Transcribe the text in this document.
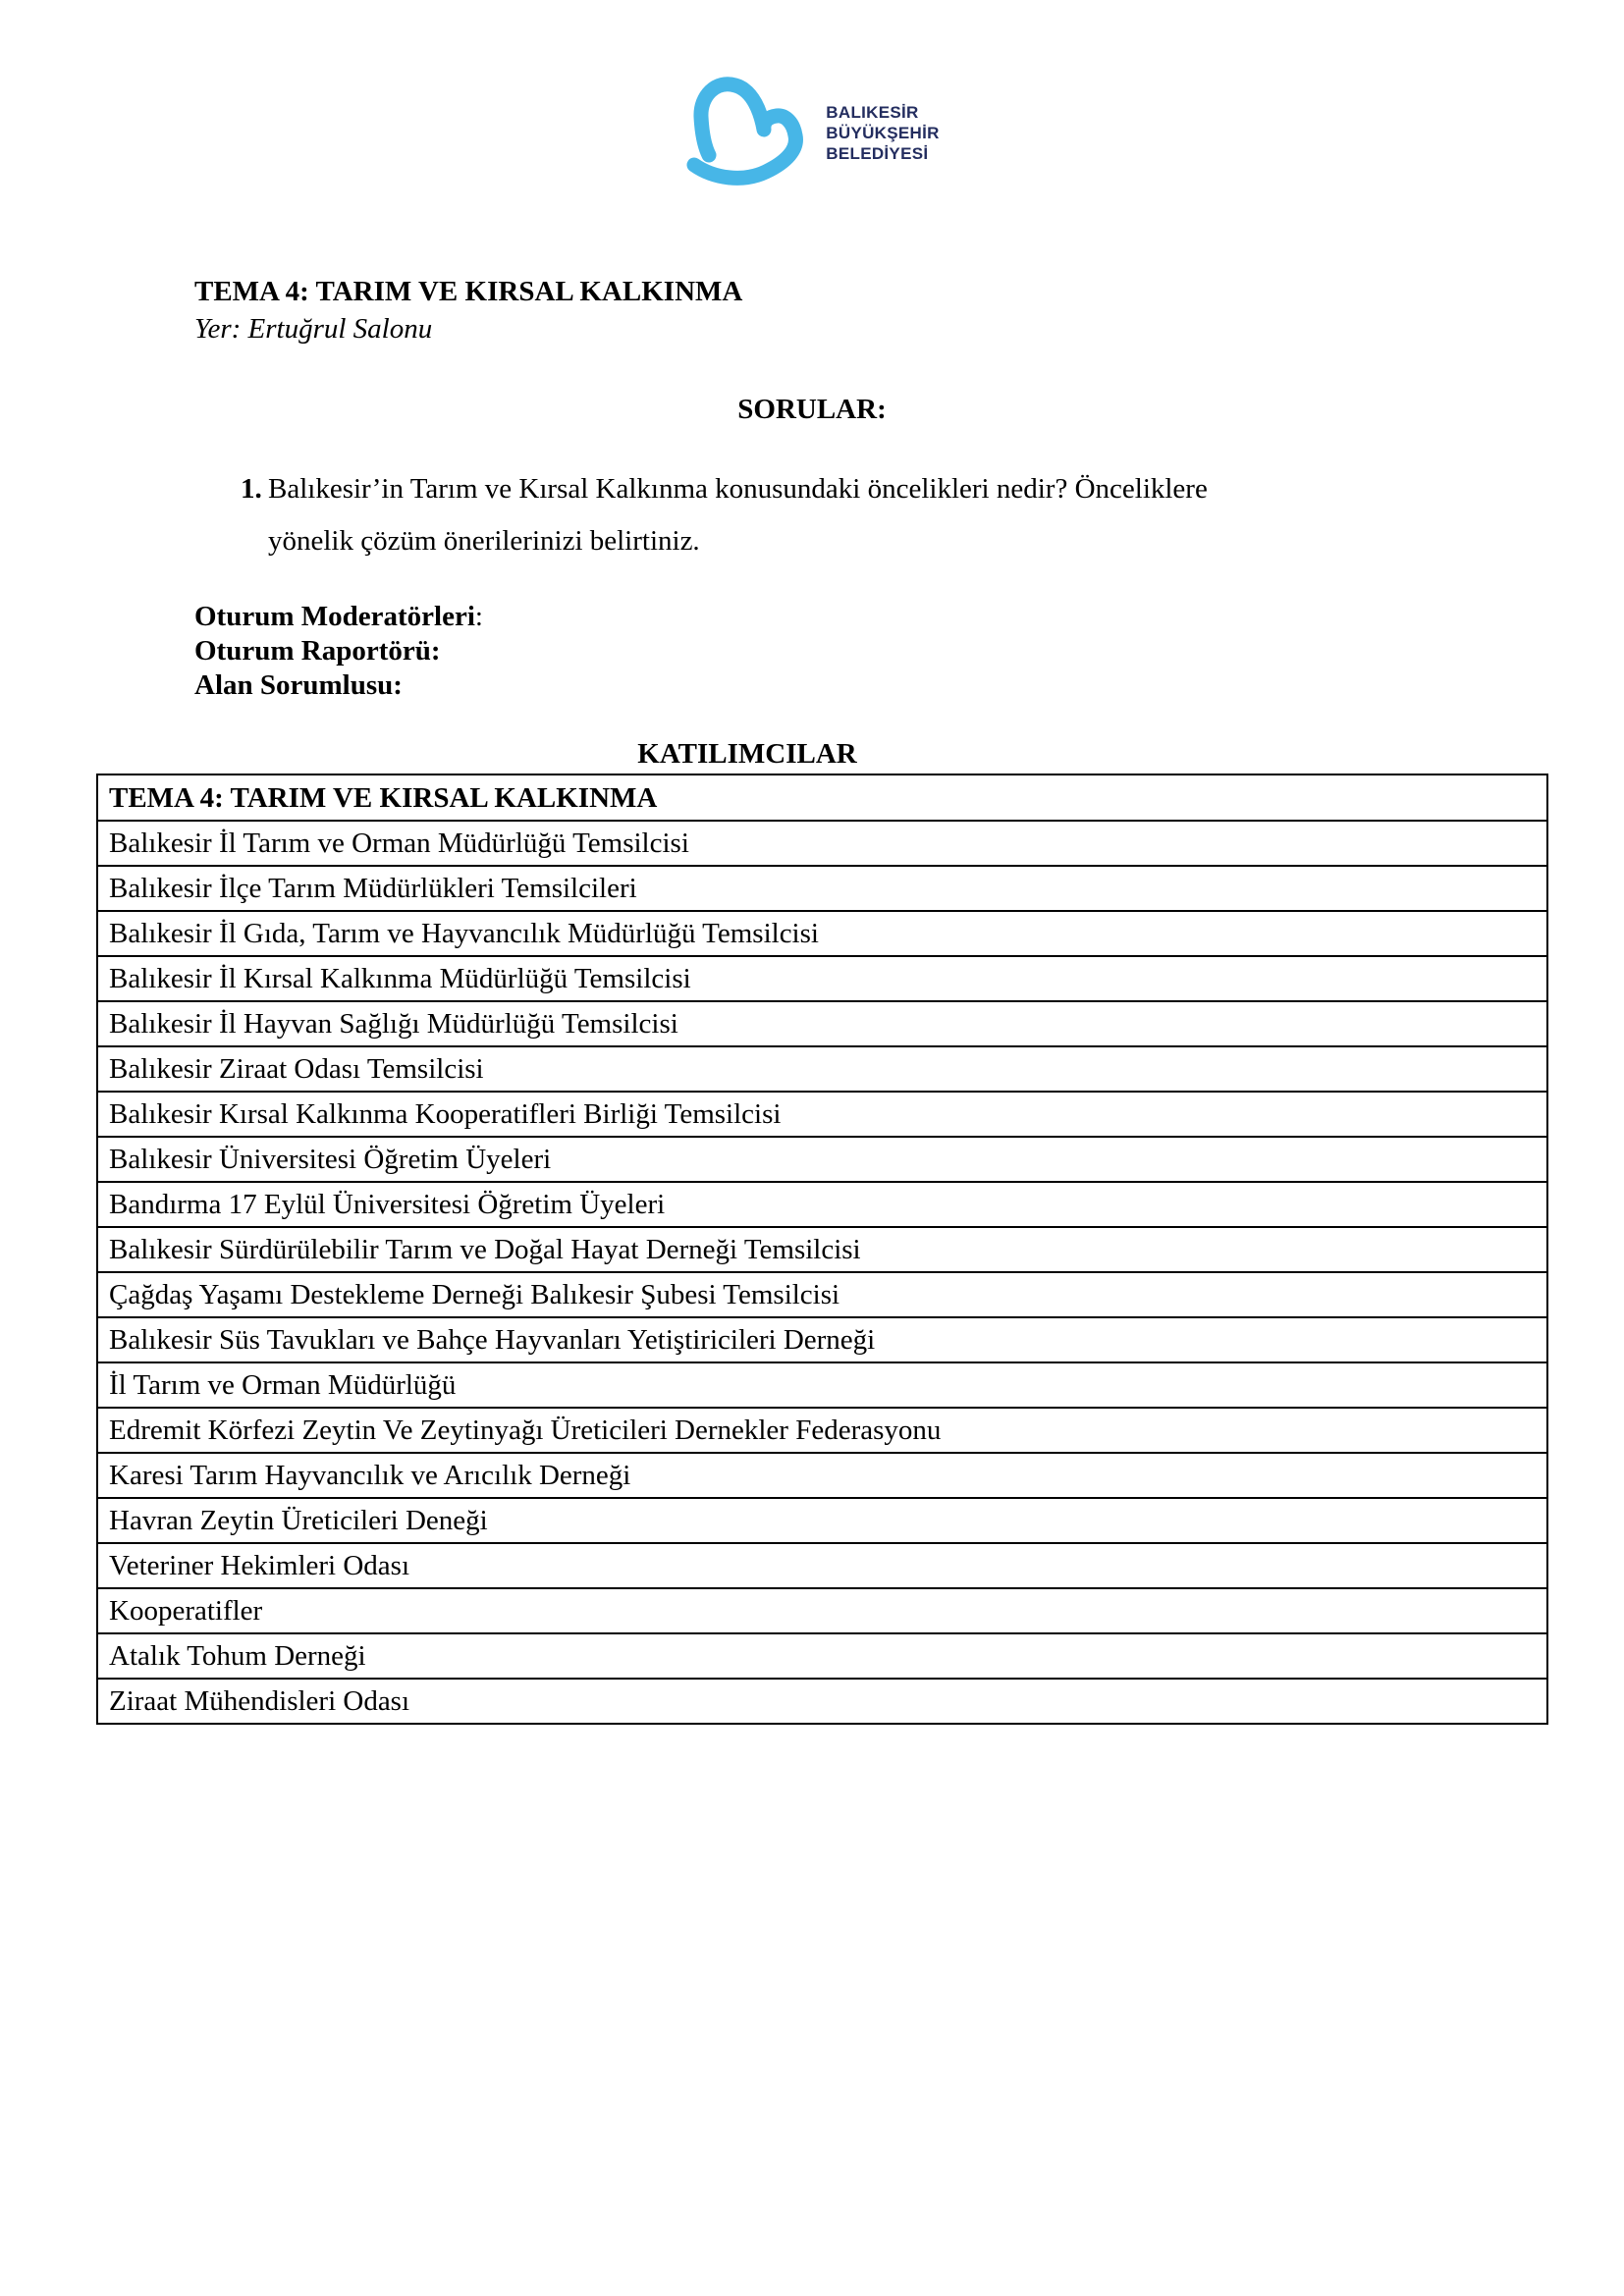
BALIKESİR
BÜYÜKŞEHİR
BELEDİYESİ
TEMA 4: TARIM VE KIRSAL KALKINMA
Yer: Ertuğrul Salonu
SORULAR:
1. Balıkesir’in Tarım ve Kırsal Kalkınma konusundaki öncelikleri nedir? Önceliklere
yönelik çözüm önerilerinizi belirtiniz.
Oturum Moderatörleri:
Oturum Raportörü:
Alan Sorumlusu:
KATILIMCILAR
TEMA 4: TARIM VE KIRSAL KALKINMA
Balıkesir İl Tarım ve Orman Müdürlüğü Temsilcisi
Balıkesir İlçe Tarım Müdürlükleri Temsilcileri
Balıkesir İl Gıda, Tarım ve Hayvancılık Müdürlüğü Temsilcisi
Balıkesir İl Kırsal Kalkınma Müdürlüğü Temsilcisi
Balıkesir İl Hayvan Sağlığı Müdürlüğü Temsilcisi
Balıkesir Ziraat Odası Temsilcisi
Balıkesir Kırsal Kalkınma Kooperatifleri Birliği Temsilcisi
Balıkesir Üniversitesi Öğretim Üyeleri
Bandırma 17 Eylül Üniversitesi Öğretim Üyeleri
Balıkesir Sürdürülebilir Tarım ve Doğal Hayat Derneği Temsilcisi
Çağdaş Yaşamı Destekleme Derneği Balıkesir Şubesi Temsilcisi
Balıkesir Süs Tavukları ve Bahçe Hayvanları Yetiştiricileri Derneği
İl Tarım ve Orman Müdürlüğü
Edremit Körfezi Zeytin Ve Zeytinyağı Üreticileri Dernekler Federasyonu
Karesi Tarım Hayvancılık ve Arıcılık Derneği
Havran Zeytin Üreticileri Deneği
Veteriner Hekimleri Odası
Kooperatifler
Atalık Tohum Derneği
Ziraat Mühendisleri Odası
